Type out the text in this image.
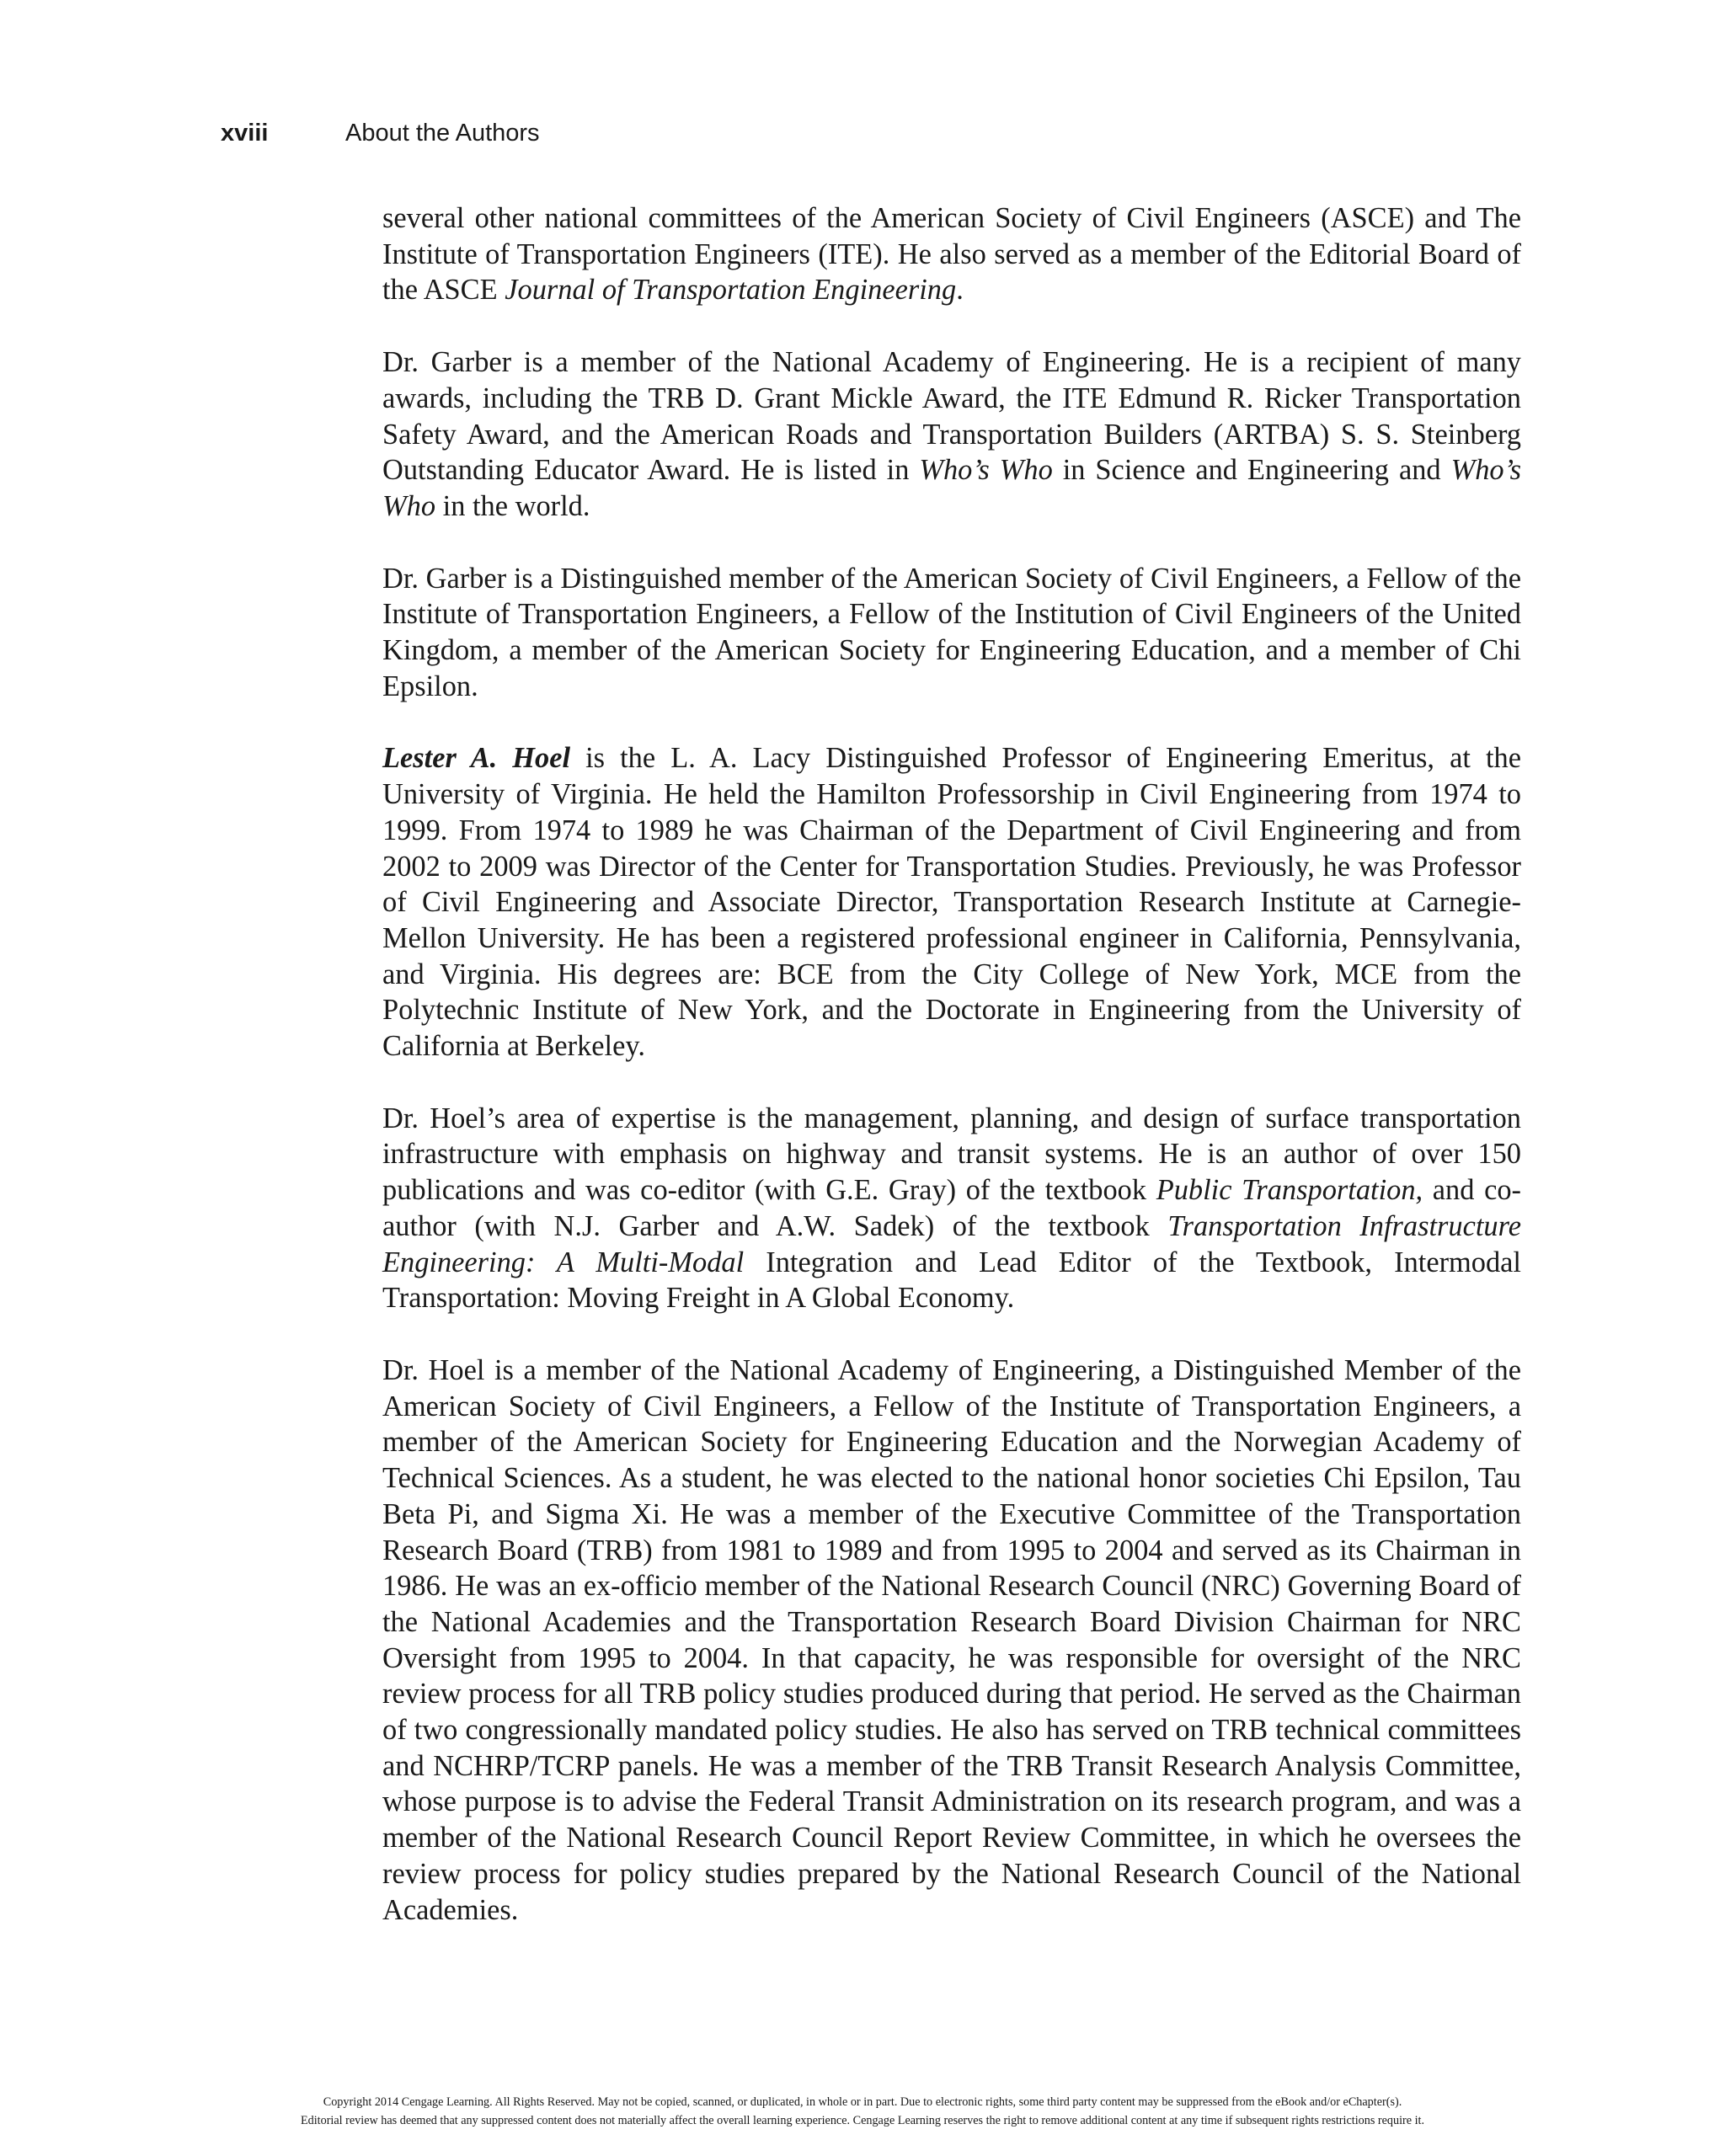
xviii	About the Authors

several other national committees of the American Society of Civil Engineers (ASCE) and The Institute of Transportation Engineers (ITE). He also served as a member of the Editorial Board of the ASCE Journal of Transportation Engineering.

Dr. Garber is a member of the National Academy of Engineering. He is a recipient of many awards, including the TRB D. Grant Mickle Award, the ITE Edmund R. Ricker Transportation Safety Award, and the American Roads and Transportation Builders (ARTBA) S. S. Steinberg Outstanding Educator Award. He is listed in Who’s Who in Science and Engineering and Who’s Who in the world.

Dr. Garber is a Distinguished member of the American Society of Civil Engineers, a Fellow of the Institute of Transportation Engineers, a Fellow of the Institution of Civil Engineers of the United Kingdom, a member of the American Society for Engineering Education, and a member of Chi Epsilon.

Lester A. Hoel is the L. A. Lacy Distinguished Professor of Engineering Emeritus, at the University of Virginia. He held the Hamilton Professorship in Civil Engineering from 1974 to 1999. From 1974 to 1989 he was Chairman of the Department of Civil Engineering and from 2002 to 2009 was Director of the Center for Transportation Studies. Previously, he was Professor of Civil Engineering and Associate Director, Transportation Research Institute at Carnegie-Mellon University. He has been a registered professional engineer in California, Pennsylvania, and Virginia. His degrees are: BCE from the City College of New York, MCE from the Polytechnic Institute of New York, and the Doctorate in Engineering from the University of California at Berkeley.

Dr. Hoel’s area of expertise is the management, planning, and design of surface transportation infrastructure with emphasis on highway and transit systems. He is an author of over 150 publications and was co-editor (with G.E. Gray) of the textbook Public Transportation, and co-author (with N.J. Garber and A.W. Sadek) of the textbook Transportation Infrastructure Engineering: A Multi-Modal Integration and Lead Editor of the Textbook, Intermodal Transportation: Moving Freight in A Global Economy.

Dr. Hoel is a member of the National Academy of Engineering, a Distinguished Member of the American Society of Civil Engineers, a Fellow of the Institute of Transportation Engineers, a member of the American Society for Engineering Education and the Norwegian Academy of Technical Sciences. As a student, he was elected to the national honor societies Chi Epsilon, Tau Beta Pi, and Sigma Xi. He was a member of the Executive Committee of the Transportation Research Board (TRB) from 1981 to 1989 and from 1995 to 2004 and served as its Chairman in 1986. He was an ex-officio member of the National Research Council (NRC) Governing Board of the National Academies and the Transportation Research Board Division Chairman for NRC Oversight from 1995 to 2004. In that capacity, he was responsible for oversight of the NRC review process for all TRB policy studies produced during that period. He served as the Chairman of two congressionally mandated policy studies. He also has served on TRB technical committees and NCHRP/TCRP panels. He was a member of the TRB Transit Research Analysis Committee, whose purpose is to advise the Federal Transit Administration on its research program, and was a member of the National Research Council Report Review Committee, in which he oversees the review process for policy studies prepared by the National Research Council of the National Academies.

Copyright 2014 Cengage Learning. All Rights Reserved. May not be copied, scanned, or duplicated, in whole or in part. Due to electronic rights, some third party content may be suppressed from the eBook and/or eChapter(s).
Editorial review has deemed that any suppressed content does not materially affect the overall learning experience. Cengage Learning reserves the right to remove additional content at any time if subsequent rights restrictions require it.
